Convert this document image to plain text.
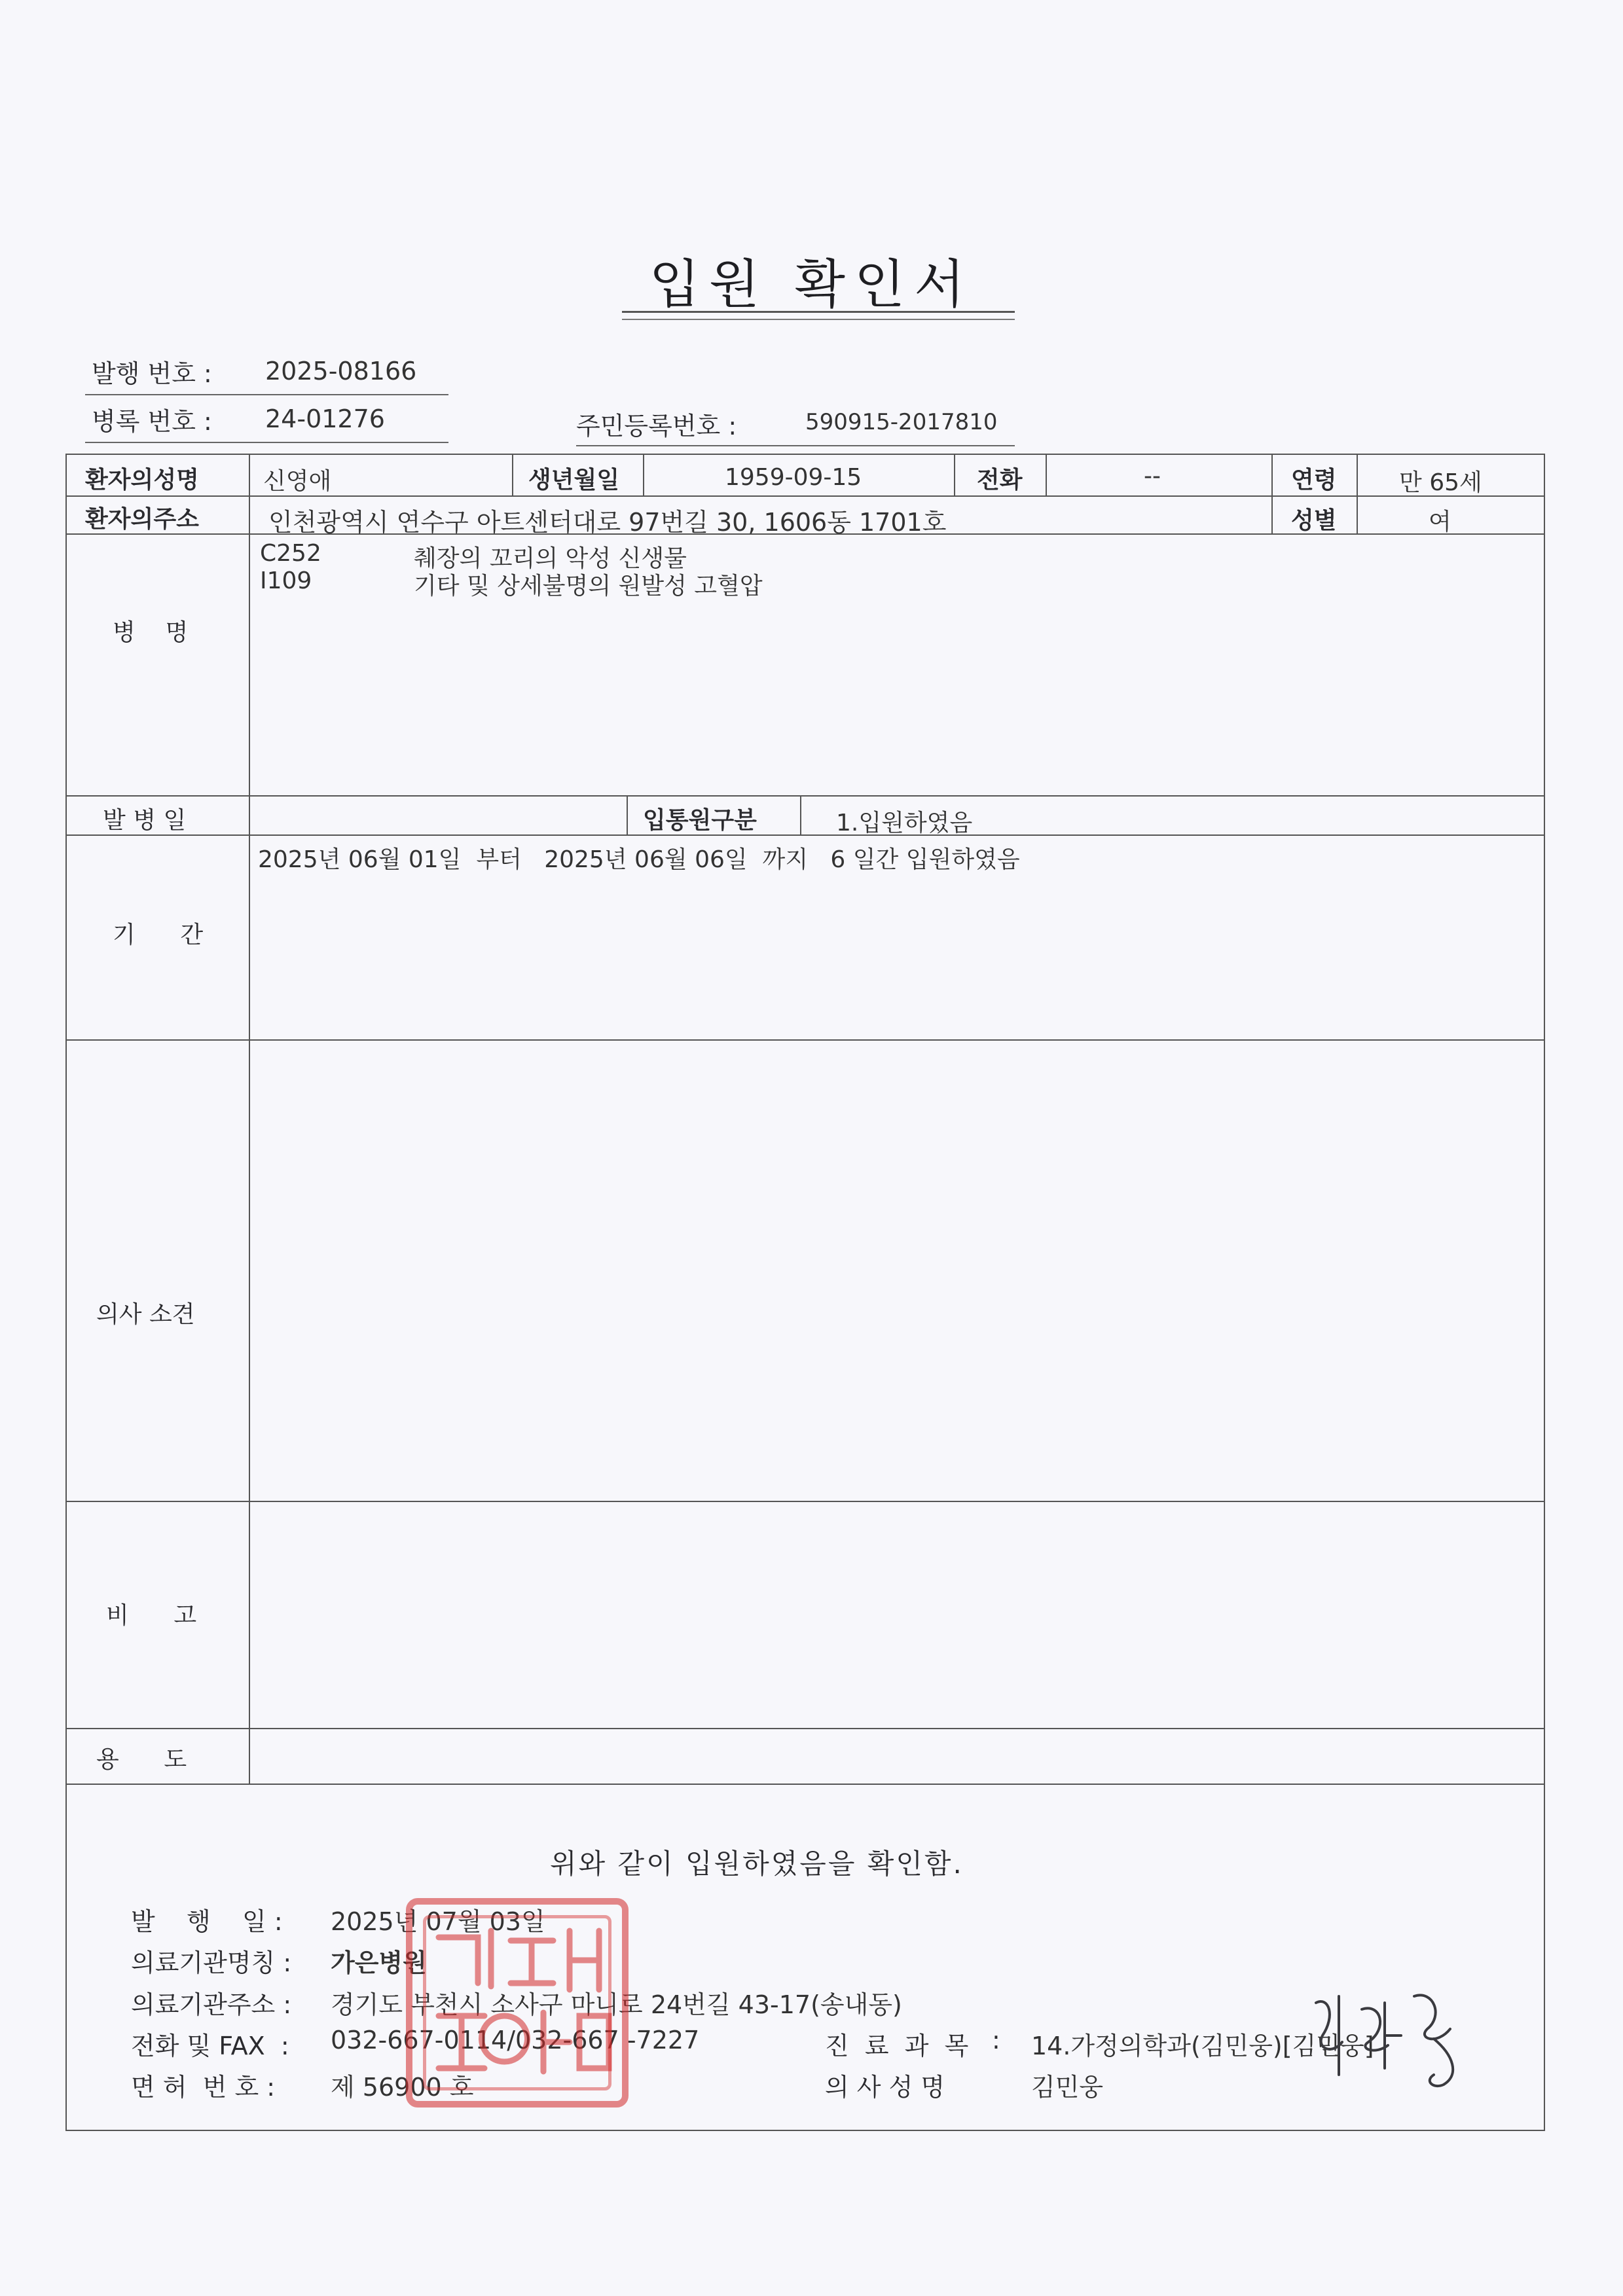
입원 확인서
발행 번호 : 2025-08166
병록 번호 : 24-01276	주민등록번호 :	590915-2017810
환자의성명	신영애	생년월일	1959-09-15	전화	--	연령	만 65세
환자의주소	인천광역시 연수구 아트센터대로 97번길 30, 1606동 1701호	성별	여
병    명
C252	췌장의 꼬리의 악성 신생물
I109	기타 및 상세불명의 원발성 고혈압
발 병 일	입통원구분	1.입원하였음
기      간
2025년 06월 01일  부터   2025년 06월 06일  까지   6 일간 입원하였음
의사 소견
비      고
용      도
위와 같이 입원하였음을 확인함.
발    행    일 : 2025년 07월 03일
의료기관명칭 : 가은병원
의료기관주소 : 경기도 부천시 소사구 마니로 24번길 43-17(송내동)
전화 및 FAX  : 032-667-0114/032-667 -7227
면 허  번 호 : 제 56900 호
진  료  과  목 : 14.가정의학과(김민웅)[김민웅]
의 사 성 명	김민웅
